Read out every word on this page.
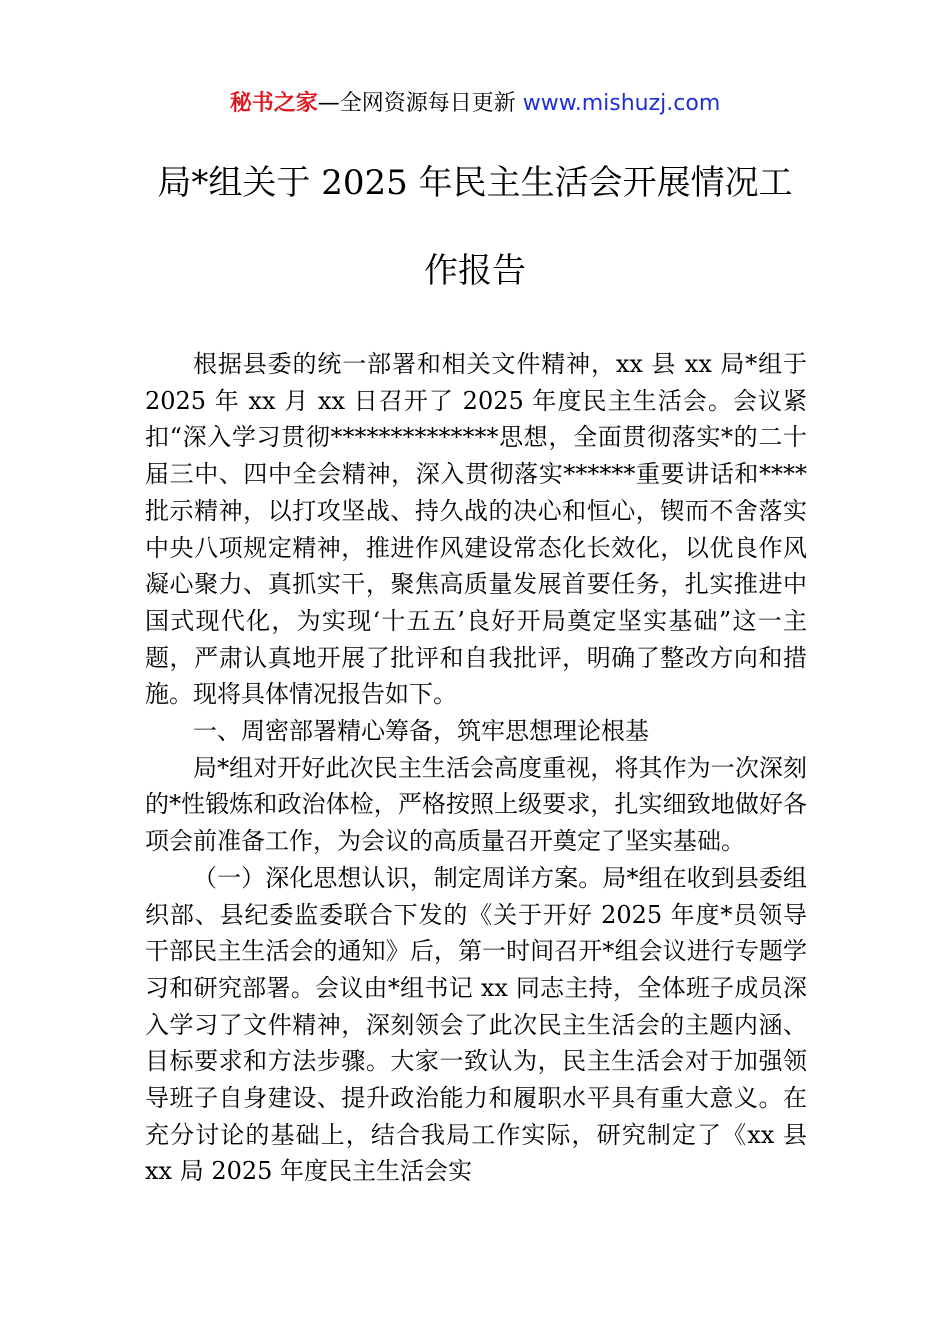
秘书之家—全网资源每日更新 www.mishuzj.com
局*组关于 2025 年民主生活会开展情况工
作报告

根据县委的统一部署和相关文件精神，xx 县 xx 局*组于 2025 年 xx 月 xx 日召开了 2025 年度民主生活会。会议紧扣“深入学习贯彻**************思想，全面贯彻落实*的二十届三中、四中全会精神，深入贯彻落实******重要讲话和****批示精神，以打攻坚战、持久战的决心和恒心，锲而不舍落实中央八项规定精神，推进作风建设常态化长效化，以优良作风凝心聚力、真抓实干，聚焦高质量发展首要任务，扎实推进中国式现代化，为实现‘十五五’良好开局奠定坚实基础”这一主题，严肃认真地开展了批评和自我批评，明确了整改方向和措施。现将具体情况报告如下。

一、周密部署精心筹备，筑牢思想理论根基

局*组对开好此次民主生活会高度重视，将其作为一次深刻的*性锻炼和政治体检，严格按照上级要求，扎实细致地做好各项会前准备工作，为会议的高质量召开奠定了坚实基础。

（一）深化思想认识，制定周详方案。局*组在收到县委组织部、县纪委监委联合下发的《关于开好 2025 年度*员领导干部民主生活会的通知》后，第一时间召开*组会议进行专题学习和研究部署。会议由*组书记 xx 同志主持，全体班子成员深入学习了文件精神，深刻领会了此次民主生活会的主题内涵、目标要求和方法步骤。大家一致认为，民主生活会对于加强领导班子自身建设、提升政治能力和履职水平具有重大意义。在充分讨论的基础上，结合我局工作实际，研究制定了《xx 县 xx 局 2025 年度民主生活会实
